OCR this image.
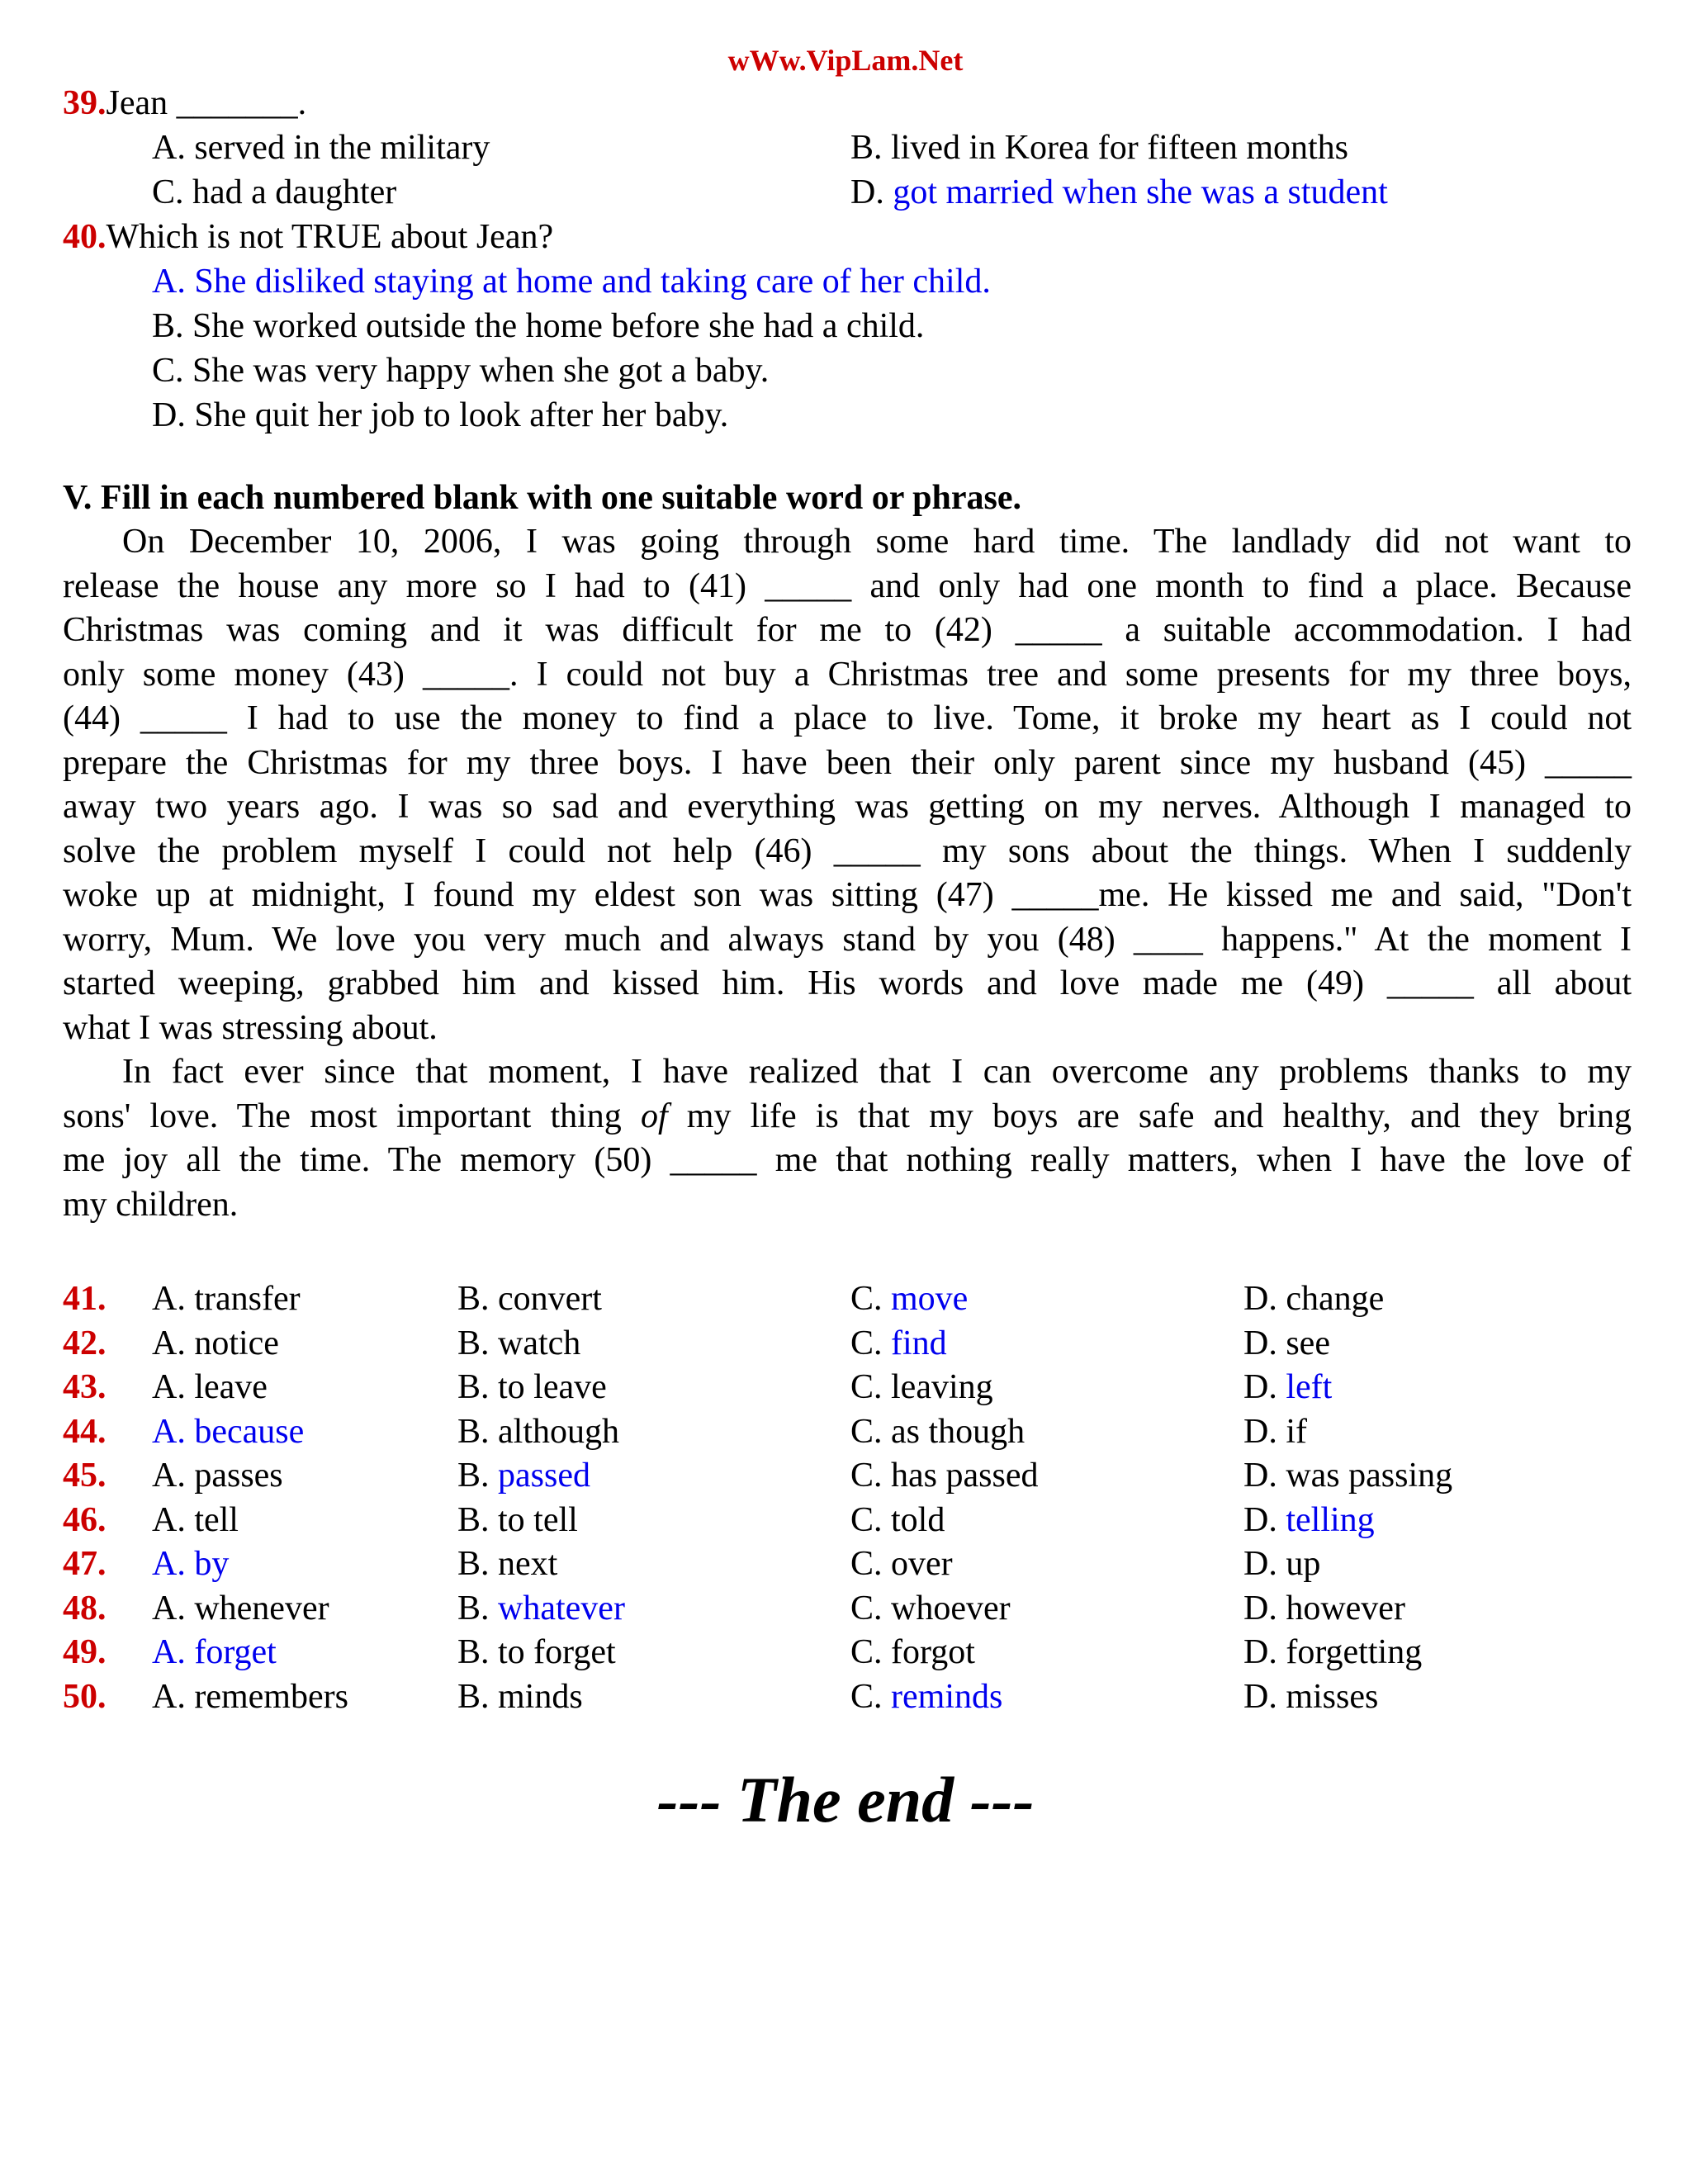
wWw.VipLam.Net
39.Jean _______.
A. served in the military	B. lived in Korea for fifteen months
C. had a daughter	D. got married when she was a student
40.Which is not TRUE about Jean?
A. She disliked staying at home and taking care of her child.
B. She worked outside the home before she had a child.
C. She was very happy when she got a baby.
D. She quit her job to look after her baby.
V. Fill in each numbered blank with one suitable word or phrase.
On December 10, 2006, I was going through some hard time. The landlady did not want to
release the house any more so I had to (41) _____ and only had one month to find a place. Because
Christmas was coming and it was difficult for me to (42) _____ a suitable accommodation. I had
only some money (43) _____. I could not buy a Christmas tree and some presents for my three boys,
(44) _____ I had to use the money to find a place to live. Tome, it broke my heart as I could not
prepare the Christmas for my three boys. I have been their only parent since my husband (45) _____
away two years ago. I was so sad and everything was getting on my nerves. Although I managed to
solve the problem myself I could not help (46) _____ my sons about the things. When I suddenly
woke up at midnight, I found my eldest son was sitting (47) _____me. He kissed me and said, "Don't
worry, Mum. We love you very much and always stand by you (48) ____ happens." At the moment I
started weeping, grabbed him and kissed him. His words and love made me (49) _____ all about
what I was stressing about.
In fact ever since that moment, I have realized that I can overcome any problems thanks to my
sons' love. The most important thing of my life is that my boys are safe and healthy, and they bring
me joy all the time. The memory (50) _____ me that nothing really matters, when I have the love of
my children.
41. A. transfer	B. convert	C. move	D. change
42. A. notice	B. watch	C. find	D. see
43. A. leave	B. to leave	C. leaving	D. left
44. A. because	B. although	C. as though	D. if
45. A. passes	B. passed	C. has passed	D. was passing
46. A. tell	B. to tell	C. told	D. telling
47. A. by	B. next	C. over	D. up
48. A. whenever	B. whatever	C. whoever	D. however
49. A. forget	B. to forget	C. forgot	D. forgetting
50. A. remembers	B. minds	C. reminds	D. misses
--- The end ---
